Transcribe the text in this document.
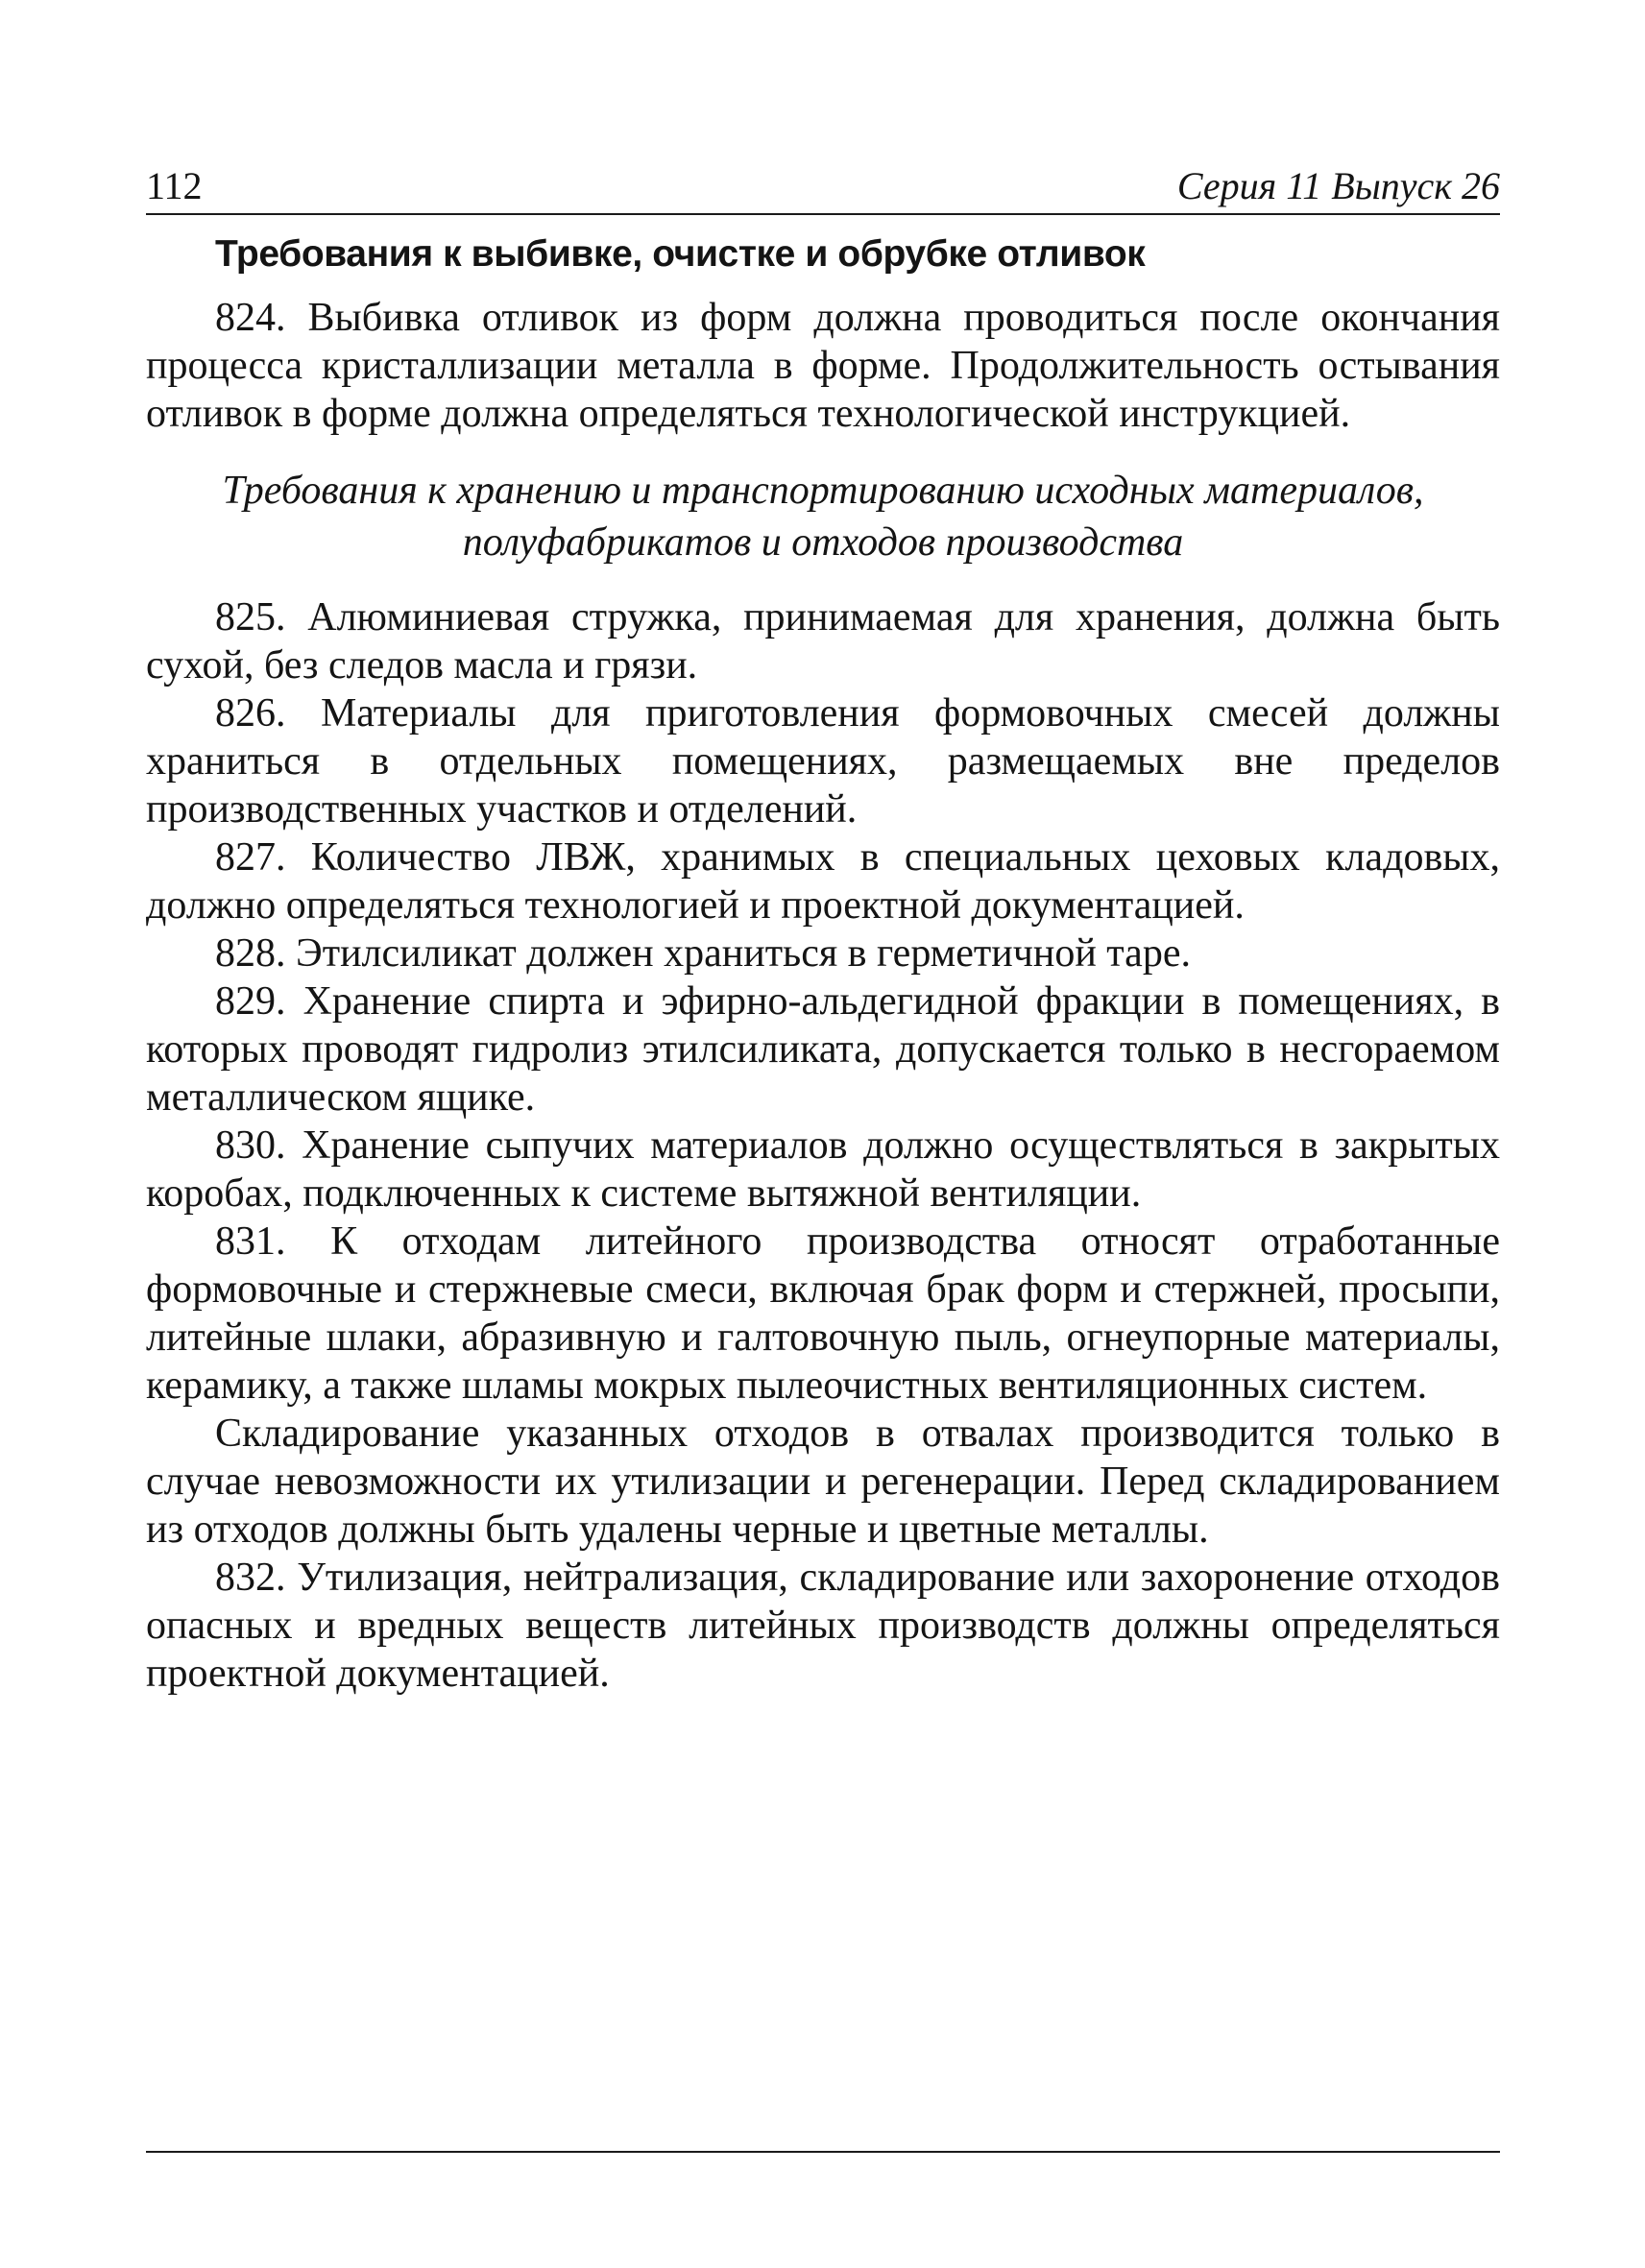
112	Серия 11 Выпуск 26
Требования к выбивке, очистке и обрубке отливок

824. Выбивка отливок из форм должна проводиться после окончания процесса кристаллизации металла в форме. Продолжительность остывания отливок в форме должна определяться технологической инструкцией.

Требования к хранению и транспортированию исходных материалов, полуфабрикатов и отходов производства

825. Алюминиевая стружка, принимаемая для хранения, должна быть сухой, без следов масла и грязи.

826. Материалы для приготовления формовочных смесей должны храниться в отдельных помещениях, размещаемых вне пределов производственных участков и отделений.

827. Количество ЛВЖ, хранимых в специальных цеховых кладовых, должно определяться технологией и проектной документацией.

828. Этилсиликат должен храниться в герметичной таре.

829. Хранение спирта и эфирно-альдегидной фракции в помещениях, в которых проводят гидролиз этилсиликата, допускается только в несгораемом металлическом ящике.

830. Хранение сыпучих материалов должно осуществляться в закрытых коробах, подключенных к системе вытяжной вентиляции.

831. К отходам литейного производства относят отработанные формовочные и стержневые смеси, включая брак форм и стержней, просыпи, литейные шлаки, абразивную и галтовочную пыль, огнеупорные материалы, керамику, а также шламы мокрых пылеочистных вентиляционных систем.

Складирование указанных отходов в отвалах производится только в случае невозможности их утилизации и регенерации. Перед складированием из отходов должны быть удалены черные и цветные металлы.

832. Утилизация, нейтрализация, складирование или захоронение отходов опасных и вредных веществ литейных производств должны определяться проектной документацией.
